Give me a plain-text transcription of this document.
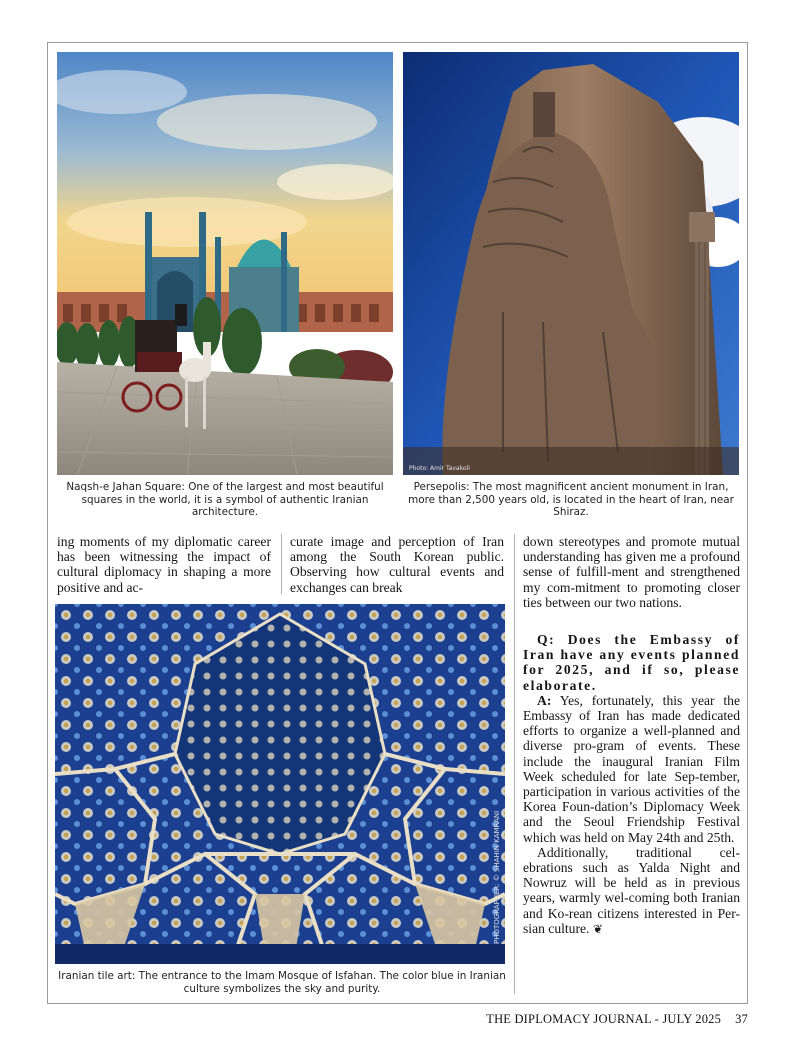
Photo: Amir Tavakoli
Naqsh-e Jahan Square: One of the largest and most beautiful squares in the world, it is a symbol of authentic Iranian architecture.
Persepolis: The most magnificent ancient monument in Iran, more than 2,500 years old, is located in the heart of Iran, near Shiraz.

ing moments of my diplomatic career has been witnessing the impact of cultural diplomacy in shaping a more positive and ac-

curate image and perception of Iran among the South Korean public. Observing how cultural events and exchanges can break

PHOTOGRAPHER: © SHAHIN KAMRANI
Iranian tile art: The entrance to the Imam Mosque of Isfahan. The color blue in Iranian culture symbolizes the sky and purity.

down stereotypes and promote mutual understanding has given me a profound sense of fulfill-ment and strengthened my com-mitment to promoting closer ties between our two nations.

Q: Does the Embassy of Iran have any events planned for 2025, and if so, please elaborate.

A: Yes, fortunately, this year the Embassy of Iran has made dedicated efforts to organize a well-planned and diverse pro-gram of events. These include the inaugural Iranian Film Week scheduled for late Sep-tember, participation in various activities of the Korea Foun-dation’s Diplomacy Week and the Seoul Friendship Festival which was held on May 24th and 25th.

Additionally, traditional cel-ebrations such as Yalda Night and Nowruz will be held as in previous years, warmly wel-coming both Iranian and Ko-rean citizens interested in Per-sian culture. ❦

THE DIPLOMACY JOURNAL - JULY 2025 37
